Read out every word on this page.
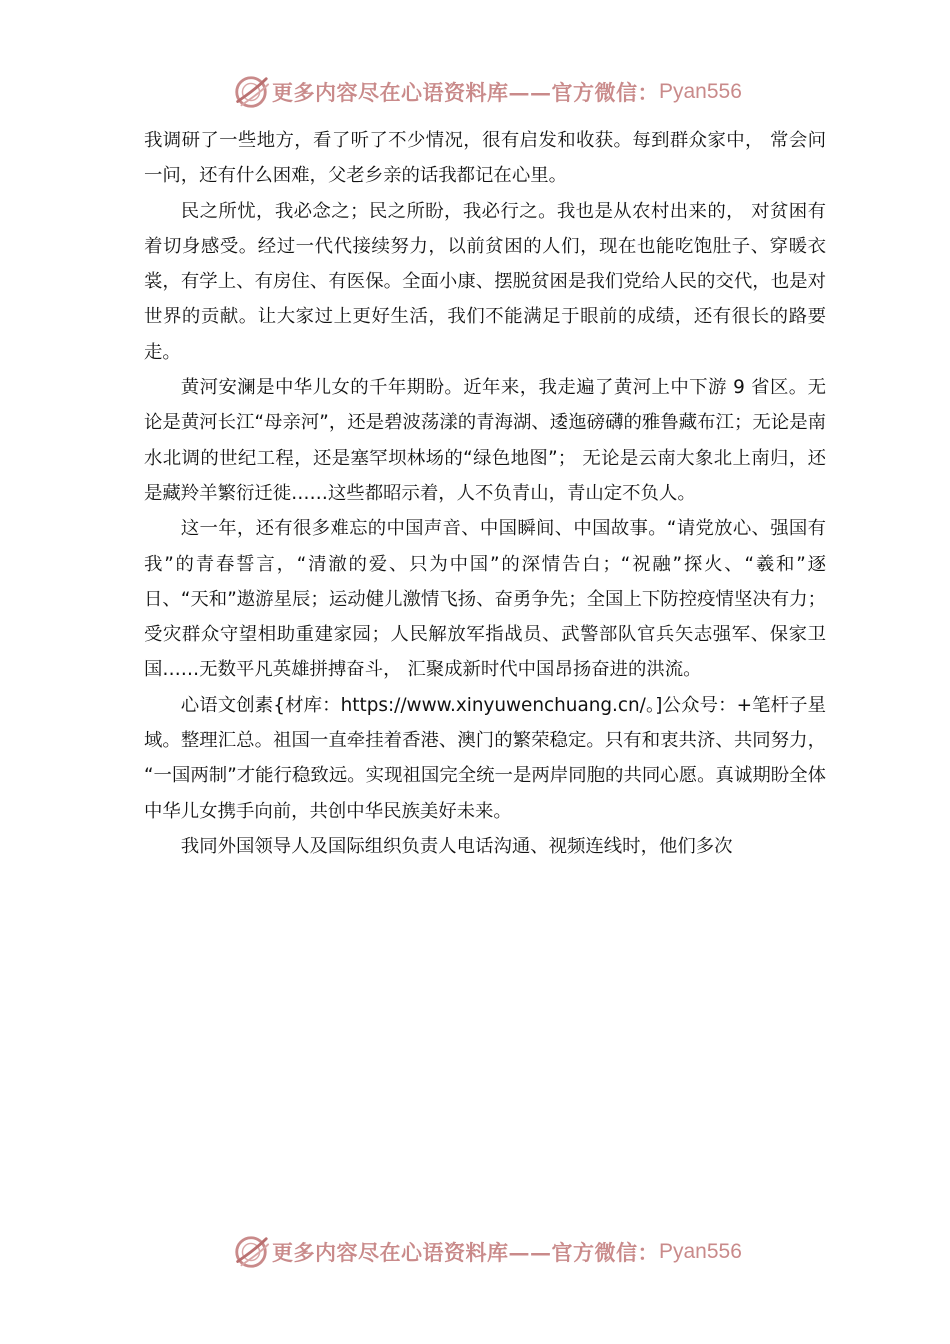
更多内容尽在心语资料库——官方微信： Pyan556

我调研了一些地方，看了听了不少情况，很有启发和收获。每到群众家中， 常会问一问，还有什么困难，父老乡亲的话我都记在心里。

民之所忧，我必念之；民之所盼，我必行之。我也是从农村出来的， 对贫困有着切身感受。经过一代代接续努力，以前贫困的人们，现在也能吃饱肚子、穿暖衣裳，有学上、有房住、有医保。全面小康、摆脱贫困是我们党给人民的交代，也是对世界的贡献。让大家过上更好生活，我们不能满足于眼前的成绩，还有很长的路要走。

黄河安澜是中华儿女的千年期盼。近年来，我走遍了黄河上中下游 9 省区。无论是黄河长江“母亲河”，还是碧波荡漾的青海湖、逶迤磅礴的雅鲁藏布江；无论是南水北调的世纪工程，还是塞罕坝林场的“绿色地图”； 无论是云南大象北上南归，还是藏羚羊繁衍迁徙……这些都昭示着，人不负青山，青山定不负人。

这一年，还有很多难忘的中国声音、中国瞬间、中国故事。“请党放心、强国有我”的青春誓言，“清澈的爱、只为中国”的深情告白；“祝融”探火、“羲和”逐日、“天和”遨游星辰；运动健儿激情飞扬、奋勇争先；全国上下防控疫情坚决有力；受灾群众守望相助重建家园；人民解放军指战员、武警部队官兵矢志强军、保家卫国……无数平凡英雄拼搏奋斗， 汇聚成新时代中国昂扬奋进的洪流。

心语文创素{材库：https://www.xinyuwenchuang.cn/。]公众号：+笔杆子星域。整理汇总。祖国一直牵挂着香港、澳门的繁荣稳定。只有和衷共济、共同努力， “一国两制”才能行稳致远。实现祖国完全统一是两岸同胞的共同心愿。真诚期盼全体中华儿女携手向前，共创中华民族美好未来。

我同外国领导人及国际组织负责人电话沟通、视频连线时，他们多次

更多内容尽在心语资料库——官方微信： Pyan556
